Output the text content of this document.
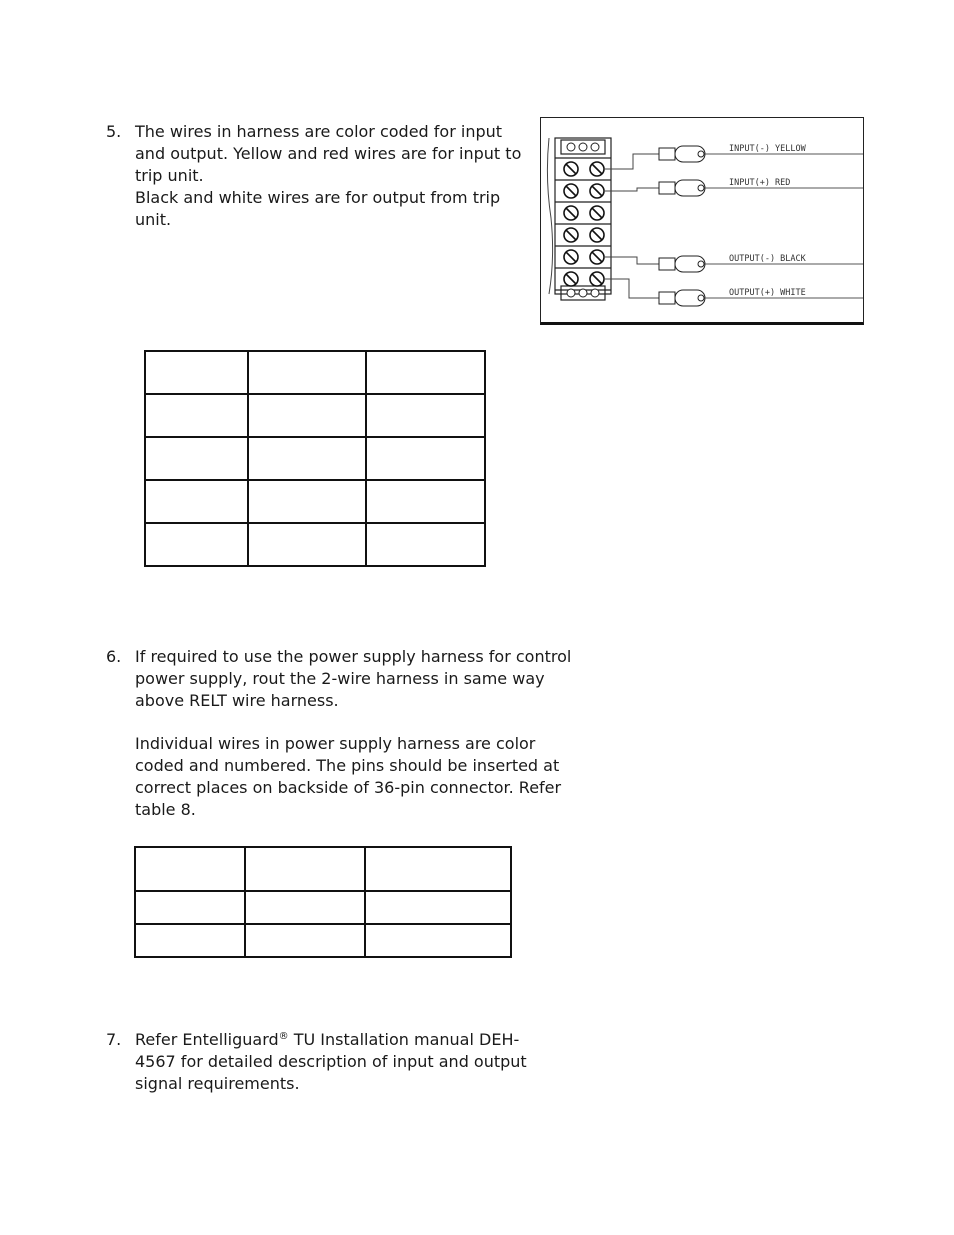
5. The wires in harness are color coded for input and output. Yellow and red wires are for input to trip unit.

Black and white wires are for output from trip unit.

INPUT(-) YELLOW
INPUT(+) RED
OUTPUT(-) BLACK
OUTPUT(+) WHITE

6. If required to use the power supply harness for control power supply, rout the 2-wire harness in same way above RELT wire harness.

Individual wires in power supply harness are color coded and numbered. The pins should be inserted at correct places on backside of 36-pin connector. Refer table 8.

7. Refer Entelliguard® TU Installation manual DEH-4567 for detailed description of input and output signal requirements.
